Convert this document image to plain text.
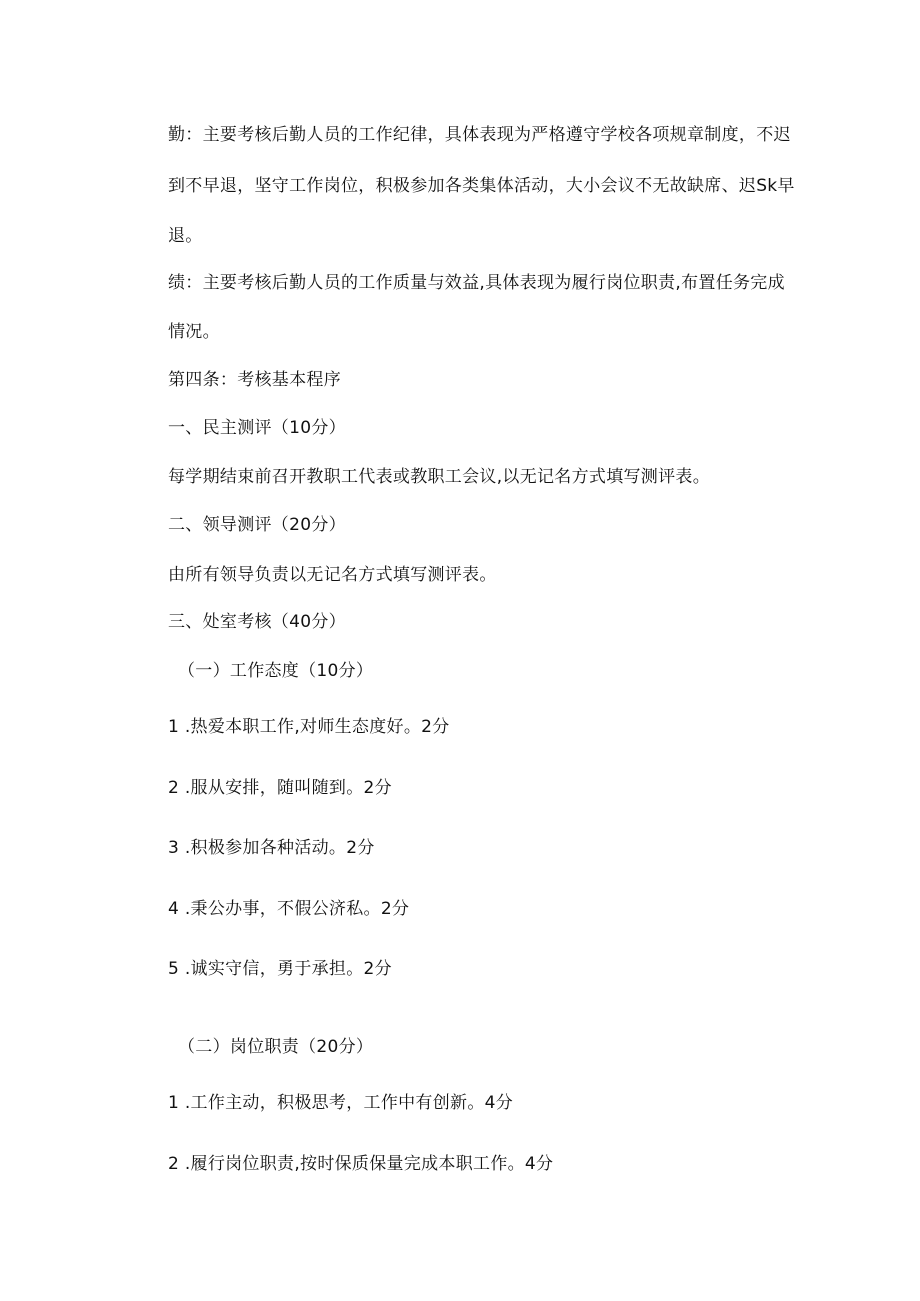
勤：主要考核后勤人员的工作纪律，具体表现为严格遵守学校各项规章制度，不迟
到不早退，坚守工作岗位，积极参加各类集体活动，大小会议不无故缺席、迟Sk早
退。
绩：主要考核后勤人员的工作质量与效益,具体表现为履行岗位职责,布置任务完成
情况。
第四条：考核基本程序
一、民主测评（10分）
每学期结束前召开教职工代表或教职工会议,以无记名方式填写测评表。
二、领导测评（20分）
由所有领导负责以无记名方式填写测评表。
三、处室考核（40分）
（一）工作态度（10分）
1 .热爱本职工作,对师生态度好。2分
2 .服从安排，随叫随到。2分
3 .积极参加各种活动。2分
4 .秉公办事，不假公济私。2分
5 .诚实守信，勇于承担。2分
（二）岗位职责（20分）
1 .工作主动，积极思考，工作中有创新。4分
2 .履行岗位职责,按时保质保量完成本职工作。4分
